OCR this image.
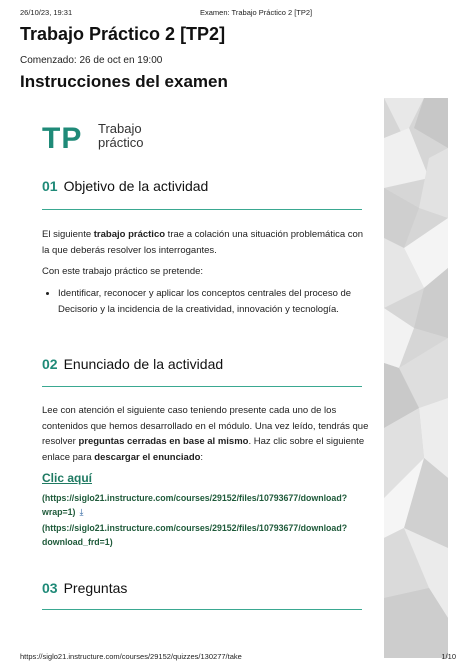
26/10/23, 19:31	Examen: Trabajo Práctico 2 [TP2]
Trabajo Práctico 2 [TP2]
Comenzado: 26 de oct en 19:00
Instrucciones del examen
TP Trabajo
práctico
01 Objetivo de la actividad

El siguiente trabajo práctico trae a colación una situación problemática con la que deberás resolver los interrogantes.

Con este trabajo práctico se pretende:

• Identificar, reconocer y aplicar los conceptos centrales del proceso de Decisorio y la incidencia de la creatividad, innovación y tecnología.
02 Enunciado de la actividad

Lee con atención el siguiente caso teniendo presente cada uno de los contenidos que hemos desarrollado en el módulo. Una vez leído, tendrás que resolver preguntas cerradas en base al mismo. Haz clic sobre el siguiente enlace para descargar el enunciado:

Clic aquí
(https://siglo21.instructure.com/courses/29152/files/10793677/download?wrap=1) ⤓
(https://siglo21.instructure.com/courses/29152/files/10793677/download?download_frd=1)
03 Preguntas
https://siglo21.instructure.com/courses/29152/quizzes/130277/take	1/10
